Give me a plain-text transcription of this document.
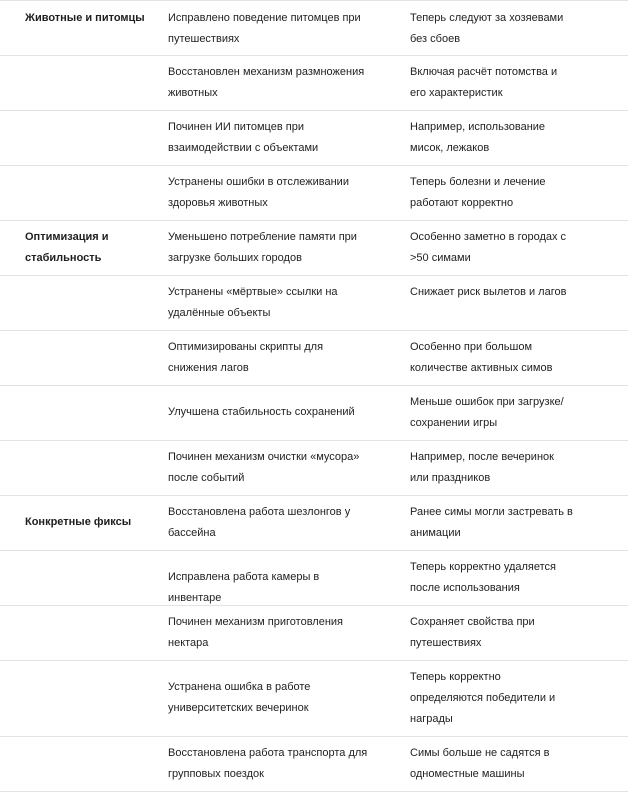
Животные и питомцы	Исправлено поведение питомцев при путешествиях
Теперь следуют за хозяевами без сбоев
Восстановлен механизм размножения животных
Включая расчёт потомства и его характеристик
Починен ИИ питомцев при взаимодействии с объектами
Например, использование мисок, лежаков
Устранены ошибки в отслеживании здоровья животных
Теперь болезни и лечение работают корректно
Оптимизация и стабильность
Уменьшено потребление памяти при загрузке больших городов
Особенно заметно в городах с >50 симами
Устранены «мёртвые» ссылки на удалённые объекты
Снижает риск вылетов и лагов
Оптимизированы скрипты для снижения лагов
Особенно при большом количестве активных симов
Улучшена стабильность сохранений
Меньше ошибок при загрузке/сохранении игры
Починен механизм очистки «мусора» после событий
Например, после вечеринок или праздников
Конкретные фиксы
Восстановлена работа шезлонгов у бассейна
Ранее симы могли застревать в анимации
Исправлена работа камеры в инвентаре
Теперь корректно удаляется после использования
Починен механизм приготовления нектара
Сохраняет свойства при путешествиях
Устранена ошибка в работе университетских вечеринок
Теперь корректно определяются победители и награды
Восстановлена работа транспорта для групповых поездок
Симы больше не садятся в одноместные машины
